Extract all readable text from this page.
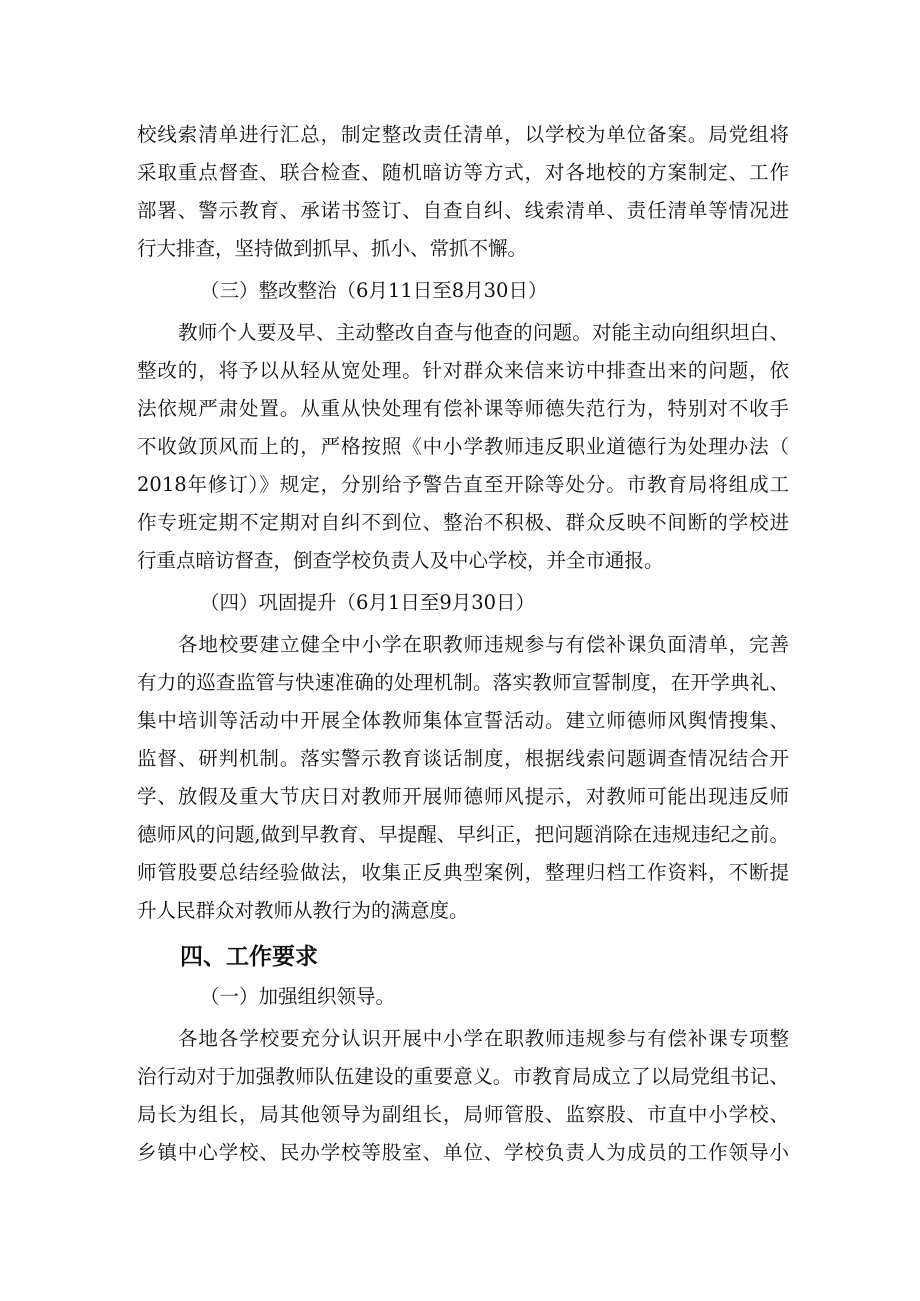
校线索清单进行汇总，制定整改责任清单，以学校为单位备案。局党组将
采取重点督查、联合检查、随机暗访等方式，对各地校的方案制定、工作
部署、警示教育、承诺书签订、自查自纠、线索清单、责任清单等情况进
行大排查，坚持做到抓早、抓小、常抓不懈。
（三）整改整治（6月11日至8月30日）
教师个人要及早、主动整改自查与他查的问题。对能主动向组织坦白、
整改的，将予以从轻从宽处理。针对群众来信来访中排查出来的问题，依
法依规严肃处置。从重从快处理有偿补课等师德失范行为，特别对不收手
不收敛顶风而上的，严格按照《中小学教师违反职业道德行为处理办法（
2018年修订）》规定，分别给予警告直至开除等处分。市教育局将组成工
作专班定期不定期对自纠不到位、整治不积极、群众反映不间断的学校进
行重点暗访督查，倒查学校负责人及中心学校，并全市通报。
（四）巩固提升（6月1日至9月30日）
各地校要建立健全中小学在职教师违规参与有偿补课负面清单，完善
有力的巡查监管与快速准确的处理机制。落实教师宣誓制度，在开学典礼、
集中培训等活动中开展全体教师集体宣誓活动。建立师德师风舆情搜集、
监督、研判机制。落实警示教育谈话制度，根据线索问题调查情况结合开
学、放假及重大节庆日对教师开展师德师风提示，对教师可能出现违反师
德师风的问题,做到早教育、早提醒、早纠正，把问题消除在违规违纪之前。
师管股要总结经验做法，收集正反典型案例，整理归档工作资料，不断提
升人民群众对教师从教行为的满意度。
四、工作要求
（一）加强组织领导。
各地各学校要充分认识开展中小学在职教师违规参与有偿补课专项整
治行动对于加强教师队伍建设的重要意义。市教育局成立了以局党组书记、
局长为组长，局其他领导为副组长，局师管股、监察股、市直中小学校、
乡镇中心学校、民办学校等股室、单位、学校负责人为成员的工作领导小
